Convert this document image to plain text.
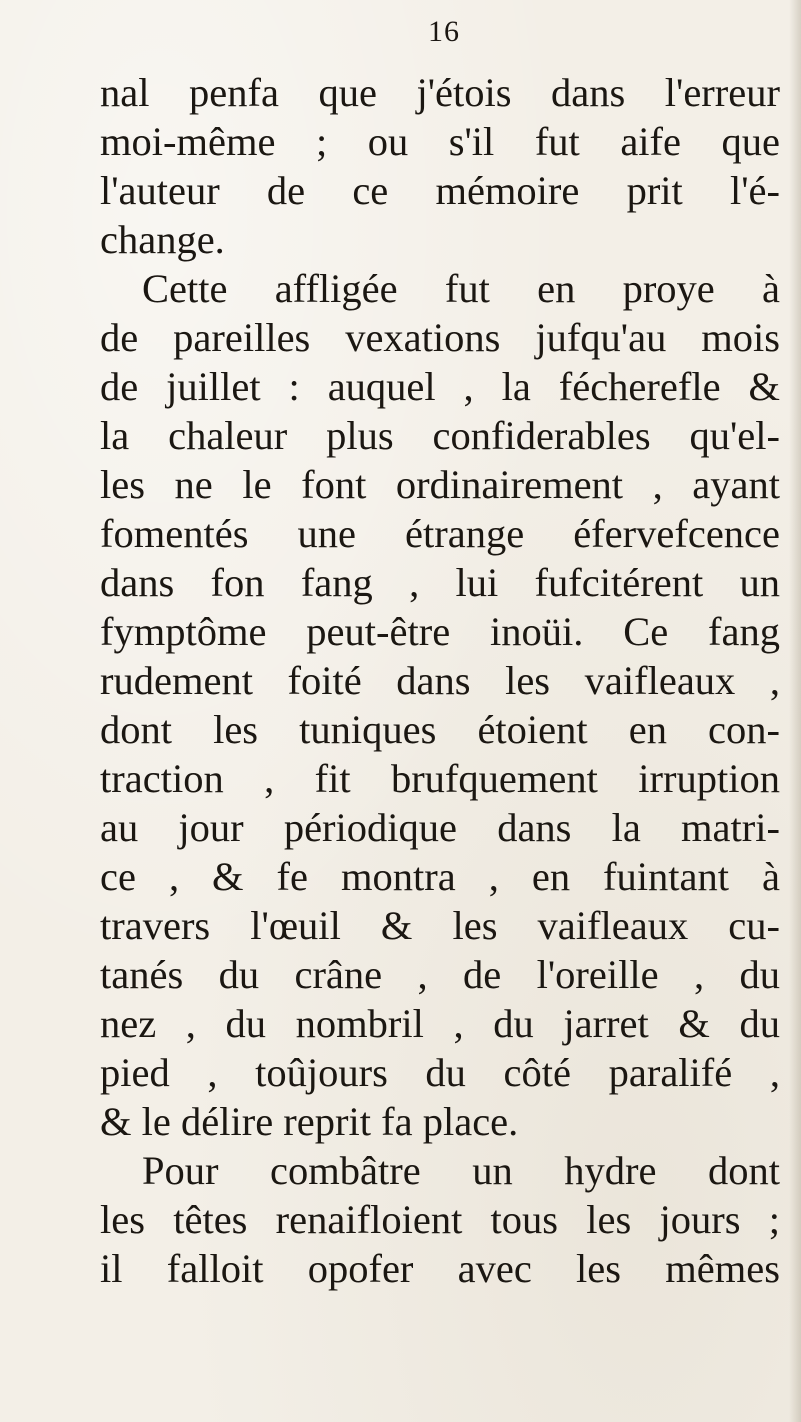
16
nal penfa que j'étois dans l'erreur
moi-même ; ou s'il fut aife que
l'auteur de ce mémoire prit l'é-
change.
Cette affligée fut en proye à
de pareilles vexations jufqu'au mois
de juillet : auquel , la fécherefle &
la chaleur plus confiderables qu'el-
les ne le font ordinairement , ayant
fomentés une étrange éfervefcence
dans fon fang , lui fufcitérent un
fymptôme peut-être inoüi. Ce fang
rudement foité dans les vaifleaux ,
dont les tuniques étoient en con-
traction , fit brufquement irruption
au jour périodique dans la matri-
ce , & fe montra , en fuintant à
travers l'œuil & les vaifleaux cu-
tanés du crâne , de l'oreille , du
nez , du nombril , du jarret & du
pied , toûjours du côté paralifé ,
& le délire reprit fa place.
Pour combâtre un hydre dont
les têtes renaifloient tous les jours ;
il falloit opofer avec les mêmes
